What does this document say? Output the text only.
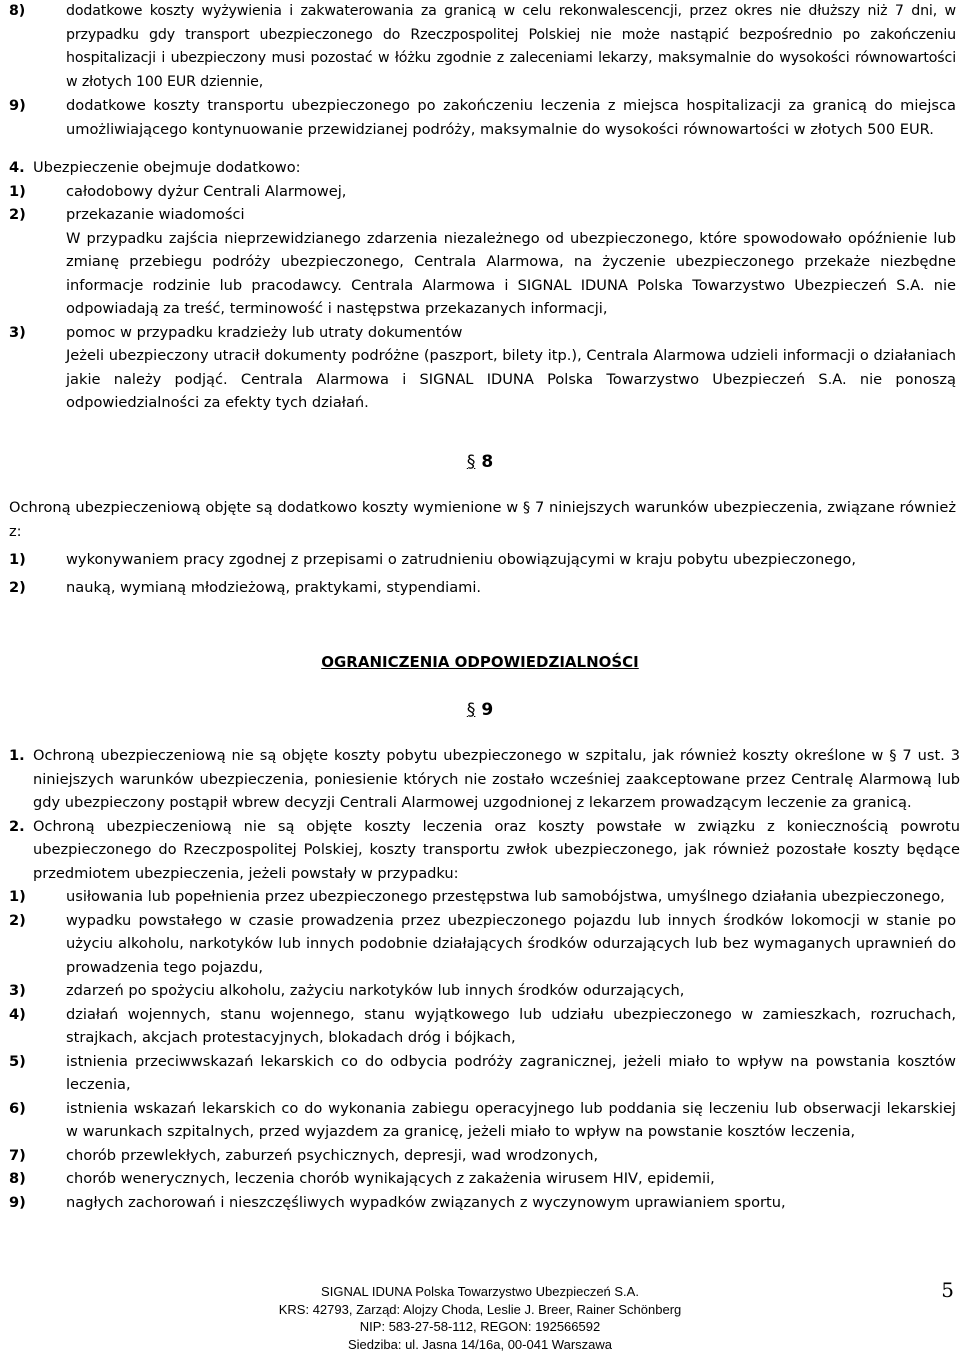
8)	dodatkowe koszty wyżywienia i zakwaterowania za granicą w celu rekonwalescencji, przez okres nie dłuższy niż 7 dni, w przypadku gdy transport ubezpieczonego do Rzeczpospolitej Polskiej nie może nastąpić bezpośrednio po zakończeniu hospitalizacji i ubezpieczony musi pozostać w łóżku zgodnie z zaleceniami lekarzy, maksymalnie do wysokości równowartości w złotych 100 EUR dziennie,
9)	dodatkowe koszty transportu ubezpieczonego po zakończeniu leczenia z miejsca hospitalizacji za granicą do miejsca umożliwiającego kontynuowanie przewidzianej podróży, maksymalnie do wysokości równowartości w złotych 500 EUR.
4. Ubezpieczenie obejmuje dodatkowo:
1)	całodobowy dyżur Centrali Alarmowej,
2)	przekazanie wiadomości
W przypadku zajścia nieprzewidzianego zdarzenia niezależnego od ubezpieczonego, które spowodowało opóźnienie lub zmianę przebiegu podróży ubezpieczonego, Centrala Alarmowa, na życzenie ubezpieczonego przekaże niezbędne informacje rodzinie lub pracodawcy. Centrala Alarmowa i SIGNAL IDUNA Polska Towarzystwo Ubezpieczeń S.A. nie odpowiadają za treść, terminowość i następstwa przekazanych informacji,
3)	pomoc w przypadku kradzieży lub utraty dokumentów
Jeżeli ubezpieczony utracił dokumenty podróżne (paszport, bilety itp.), Centrala Alarmowa udzieli informacji o działaniach jakie należy podjąć. Centrala Alarmowa i SIGNAL IDUNA Polska Towarzystwo Ubezpieczeń S.A. nie ponoszą odpowiedzialności za efekty tych działań.
§ 8
Ochroną ubezpieczeniową objęte są dodatkowo koszty wymienione w § 7 niniejszych warunków ubezpieczenia, związane również z:
1)	wykonywaniem pracy zgodnej z przepisami o zatrudnieniu obowiązującymi w kraju pobytu ubezpieczonego,
2)	nauką, wymianą młodzieżową, praktykami, stypendiami.
OGRANICZENIA ODPOWIEDZIALNOŚCI
§ 9
1. Ochroną ubezpieczeniową nie są objęte koszty pobytu ubezpieczonego w szpitalu, jak również koszty określone w § 7 ust. 3 niniejszych warunków ubezpieczenia, poniesienie których nie zostało wcześniej zaakceptowane przez Centralę Alarmową lub gdy ubezpieczony postąpił wbrew decyzji Centrali Alarmowej uzgodnionej z lekarzem prowadzącym leczenie za granicą.
2. Ochroną ubezpieczeniową nie są objęte koszty leczenia oraz koszty powstałe w związku z koniecznością powrotu ubezpieczonego do Rzeczpospolitej Polskiej, koszty transportu zwłok ubezpieczonego, jak również pozostałe koszty będące przedmiotem ubezpieczenia, jeżeli powstały w przypadku:
1)	usiłowania lub popełnienia przez ubezpieczonego przestępstwa lub samobójstwa, umyślnego działania ubezpieczonego,
2)	wypadku powstałego w czasie prowadzenia przez ubezpieczonego pojazdu lub innych środków lokomocji w stanie po użyciu alkoholu, narkotyków lub innych podobnie działających środków odurzających lub bez wymaganych uprawnień do prowadzenia tego pojazdu,
3)	zdarzeń po spożyciu alkoholu, zażyciu narkotyków lub innych środków odurzających,
4)	działań wojennych, stanu wojennego, stanu wyjątkowego lub udziału ubezpieczonego w zamieszkach, rozruchach, strajkach, akcjach protestacyjnych, blokadach dróg i bójkach,
5)	istnienia przeciwwskazań lekarskich co do odbycia podróży zagranicznej, jeżeli miało to wpływ na powstania kosztów leczenia,
6)	istnienia wskazań lekarskich co do wykonania zabiegu operacyjnego lub poddania się leczeniu lub obserwacji lekarskiej w warunkach szpitalnych, przed wyjazdem za granicę, jeżeli miało to wpływ na powstanie kosztów leczenia,
7)	chorób przewlekłych, zaburzeń psychicznych, depresji, wad wrodzonych,
8)	chorób wenerycznych, leczenia chorób wynikających z zakażenia wirusem HIV, epidemii,
9)	nagłych zachorowań i nieszczęśliwych wypadków związanych z wyczynowym uprawianiem sportu,
SIGNAL IDUNA Polska Towarzystwo Ubezpieczeń S.A.
KRS: 42793, Zarząd: Alojzy Choda, Leslie J. Breer, Rainer Schönberg
NIP: 583-27-58-112, REGON: 192566592
Siedziba: ul. Jasna 14/16a, 00-041 Warszawa
5
